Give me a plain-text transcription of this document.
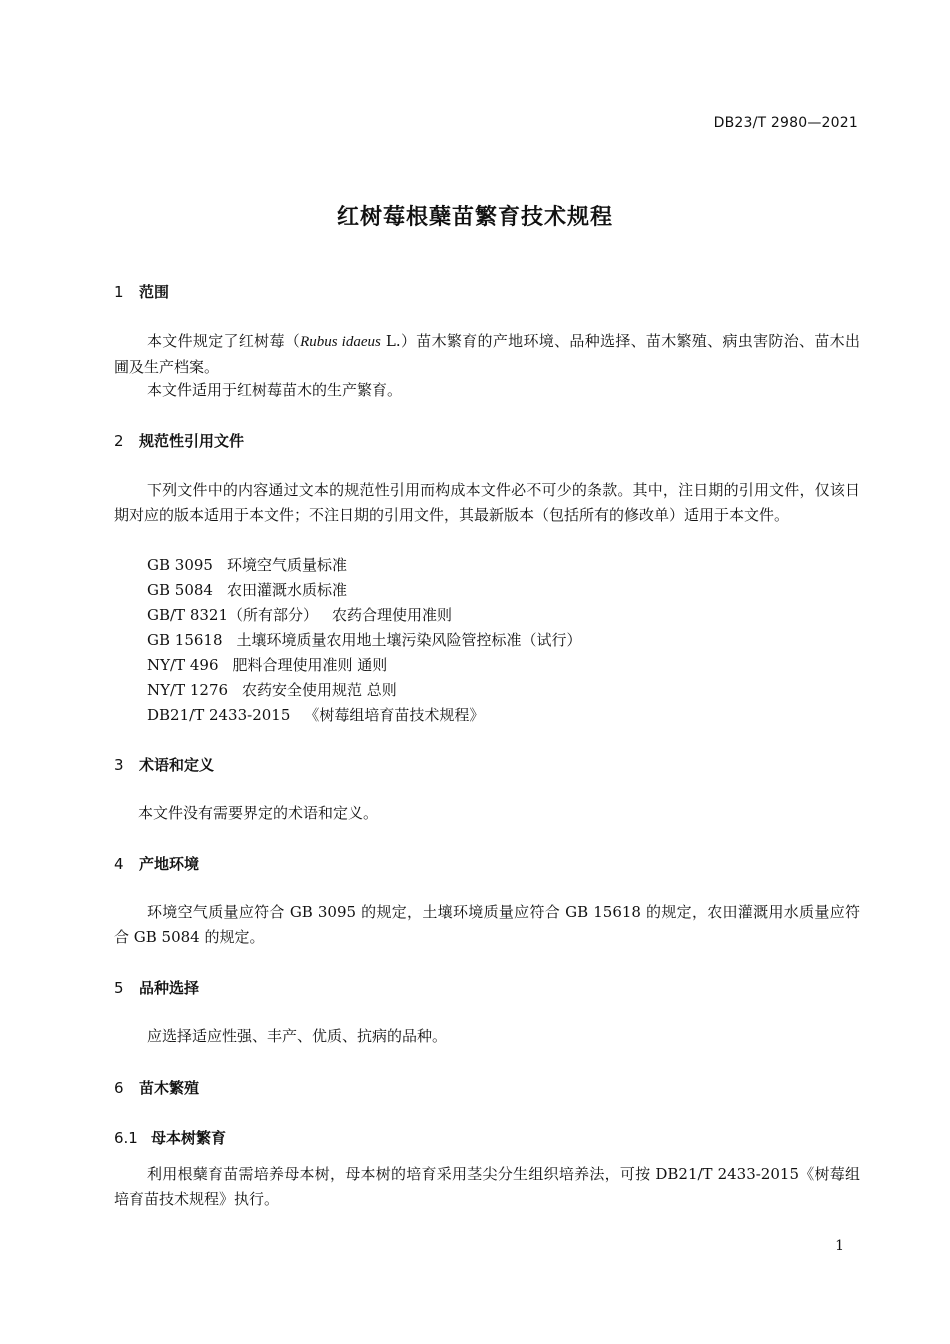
DB23/T 2980—2021
红树莓根蘖苗繁育技术规程
1 范围
本文件规定了红树莓（Rubus idaeus L.）苗木繁育的产地环境、品种选择、苗木繁殖、病虫害防治、苗木出圃及生产档案。
本文件适用于红树莓苗木的生产繁育。
2 规范性引用文件
下列文件中的内容通过文本的规范性引用而构成本文件必不可少的条款。其中，注日期的引用文件，仅该日期对应的版本适用于本文件；不注日期的引用文件，其最新版本（包括所有的修改单）适用于本文件。
GB 3095 环境空气质量标准
GB 5084 农田灌溉水质标准
GB/T 8321（所有部分） 农药合理使用准则
GB 15618 土壤环境质量农用地土壤污染风险管控标准（试行）
NY/T 496 肥料合理使用准则 通则
NY/T 1276 农药安全使用规范 总则
DB21/T 2433-2015 《树莓组培育苗技术规程》
3 术语和定义
本文件没有需要界定的术语和定义。
4 产地环境
环境空气质量应符合 GB 3095 的规定，土壤环境质量应符合 GB 15618 的规定，农田灌溉用水质量应符合 GB 5084 的规定。
5 品种选择
应选择适应性强、丰产、优质、抗病的品种。
6 苗木繁殖
6.1 母本树繁育
利用根蘖育苗需培养母本树，母本树的培育采用茎尖分生组织培养法，可按 DB21/T 2433-2015《树莓组培育苗技术规程》执行。
1
